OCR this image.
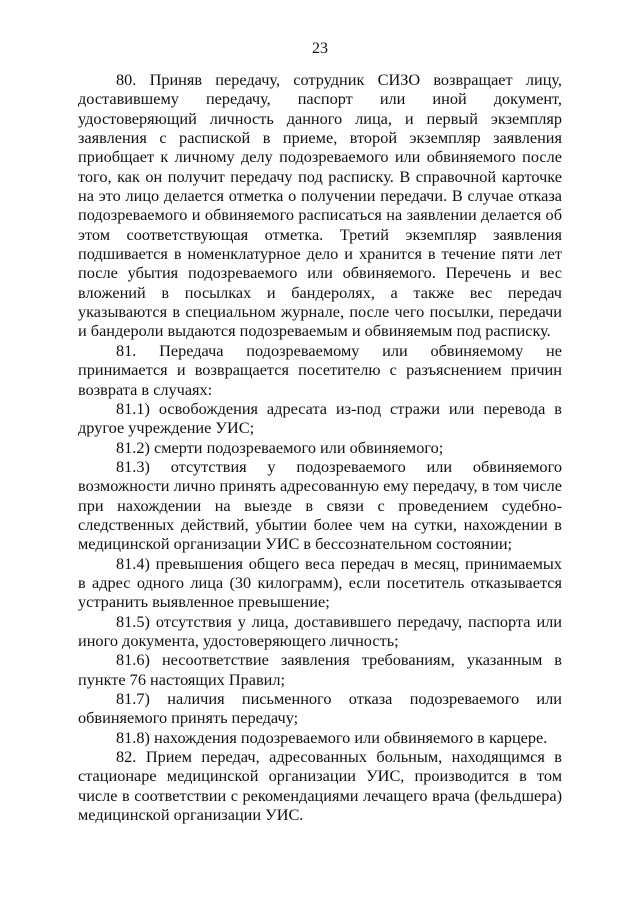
23

80. Приняв передачу, сотрудник СИЗО возвращает лицу, доставившему передачу, паспорт или иной документ, удостоверяющий личность данного лица, и первый экземпляр заявления с распиской в приеме, второй экземпляр заявления приобщает к личному делу подозреваемого или обвиняемого после того, как он получит передачу под расписку. В справочной карточке на это лицо делается отметка о получении передачи. В случае отказа подозреваемого и обвиняемого расписаться на заявлении делается об этом соответствующая отметка. Третий экземпляр заявления подшивается в номенклатурное дело и хранится в течение пяти лет после убытия подозреваемого или обвиняемого. Перечень и вес вложений в посылках и бандеролях, а также вес передач указываются в специальном журнале, после чего посылки, передачи и бандероли выдаются подозреваемым и обвиняемым под расписку.

81. Передача подозреваемому или обвиняемому не принимается и возвращается посетителю с разъяснением причин возврата в случаях:

81.1) освобождения адресата из-под стражи или перевода в другое учреждение УИС;

81.2) смерти подозреваемого или обвиняемого;

81.3) отсутствия у подозреваемого или обвиняемого возможности лично принять адресованную ему передачу, в том числе при нахождении на выезде в связи с проведением судебно-следственных действий, убытии более чем на сутки, нахождении в медицинской организации УИС в бессознательном состоянии;

81.4) превышения общего веса передач в месяц, принимаемых в адрес одного лица (30 килограмм), если посетитель отказывается устранить выявленное превышение;

81.5) отсутствия у лица, доставившего передачу, паспорта или иного документа, удостоверяющего личность;

81.6) несоответствие заявления требованиям, указанным в пункте 76 настоящих Правил;

81.7) наличия письменного отказа подозреваемого или обвиняемого принять передачу;

81.8) нахождения подозреваемого или обвиняемого в карцере.

82. Прием передач, адресованных больным, находящимся в стационаре медицинской организации УИС, производится в том числе в соответствии с рекомендациями лечащего врача (фельдшера) медицинской организации УИС.
